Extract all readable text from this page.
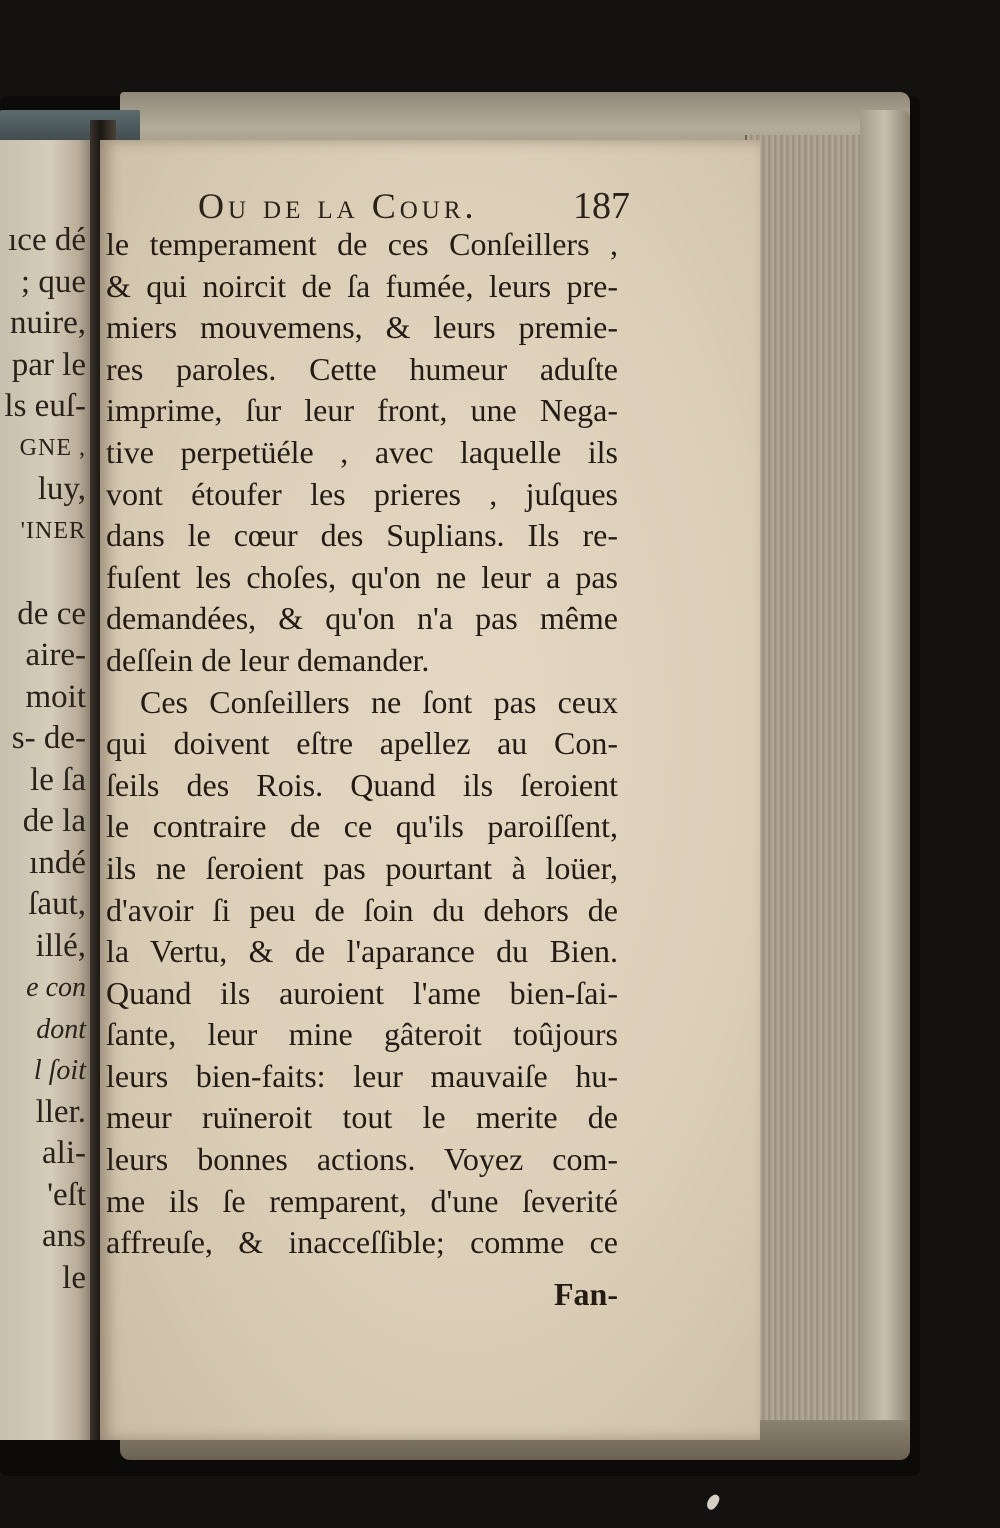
ıce dé
; que
nuire,
par le
ls euſ-
GNE ,
luy,
'INER
de ce
aire-
moit
s- de-
le ſa
de la
ındé
ſaut,
illé,
e con
dont
l ſoit
ller.
ali-
'eſt
ans
le
Ou de la Cour.	187
le temperament de ces Conſeillers ,
& qui noircit de ſa fumée, leurs pre-
miers mouvemens, & leurs premie-
res paroles. Cette humeur aduſte
imprime, ſur leur front, une Nega-
tive perpetüéle , avec laquelle ils
vont étoufer les prieres , juſques
dans le cœur des Suplians. Ils re-
fuſent les choſes, qu'on ne leur a pas
demandées, & qu'on n'a pas même
deſſein de leur demander.
Ces Conſeillers ne ſont pas ceux
qui doivent eſtre apellez au Con-
ſeils des Rois. Quand ils ſeroient
le contraire de ce qu'ils paroiſſent,
ils ne ſeroient pas pourtant à loüer,
d'avoir ſi peu de ſoin du dehors de
la Vertu, & de l'aparance du Bien.
Quand ils auroient l'ame bien-ſai-
ſante, leur mine gâteroit toûjours
leurs bien-faits: leur mauvaiſe hu-
meur ruïneroit tout le merite de
leurs bonnes actions. Voyez com-
me ils ſe remparent, d'une ſeverité
affreuſe, & inacceſſible; comme ce
Fan-
